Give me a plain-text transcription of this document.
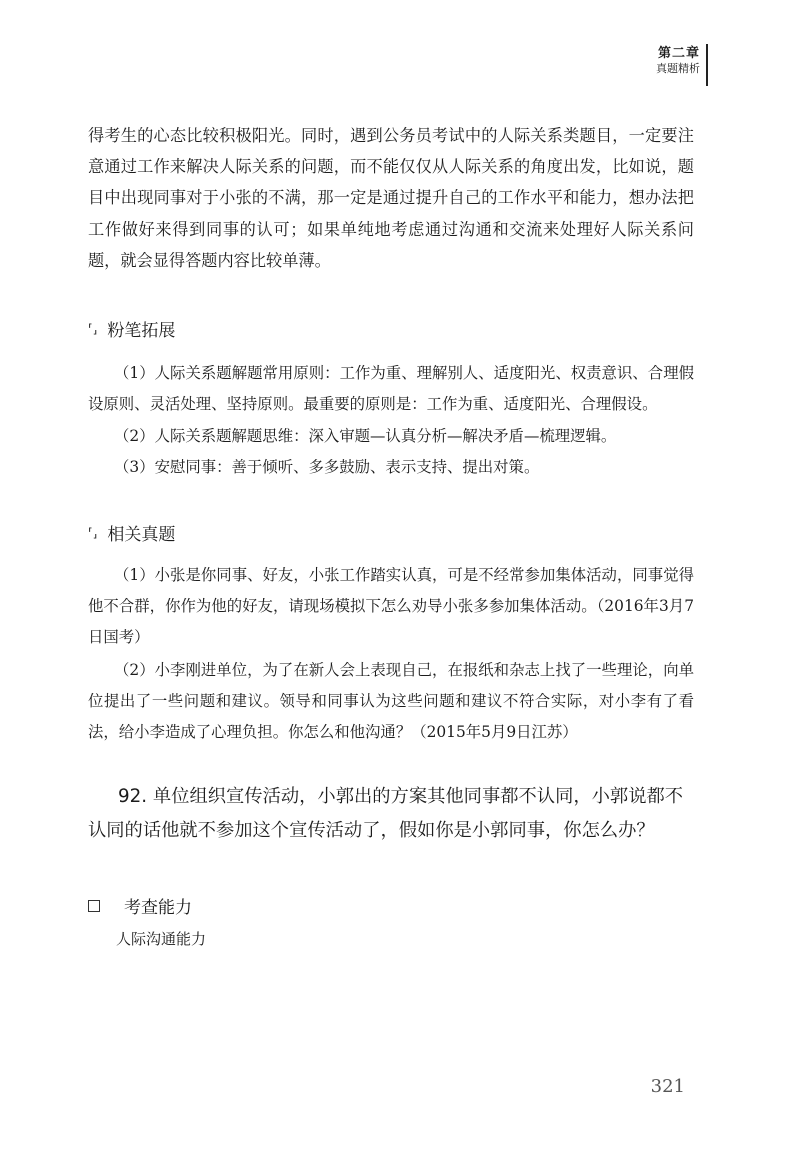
第二章
真题精析
得考生的心态比较积极阳光。同时，遇到公务员考试中的人际关系类题目，一定要注意通过工作来解决人际关系的问题，而不能仅仅从人际关系的角度出发，比如说，题目中出现同事对于小张的不满，那一定是通过提升自己的工作水平和能力，想办法把工作做好来得到同事的认可；如果单纯地考虑通过沟通和交流来处理好人际关系问题，就会显得答题内容比较单薄。
⸢⸥ 粉笔拓展
（1）人际关系题解题常用原则：工作为重、理解别人、适度阳光、权责意识、合理假设原则、灵活处理、坚持原则。最重要的原则是：工作为重、适度阳光、合理假设。
（2）人际关系题解题思维：深入审题—认真分析—解决矛盾—梳理逻辑。
（3）安慰同事：善于倾听、多多鼓励、表示支持、提出对策。
⸢⸥ 相关真题
（1）小张是你同事、好友，小张工作踏实认真，可是不经常参加集体活动，同事觉得他不合群，你作为他的好友，请现场模拟下怎么劝导小张多参加集体活动。（2016年3月7日国考）
（2）小李刚进单位，为了在新人会上表现自己，在报纸和杂志上找了一些理论，向单位提出了一些问题和建议。领导和同事认为这些问题和建议不符合实际，对小李有了看法，给小李造成了心理负担。你怎么和他沟通？（2015年5月9日江苏）
92. 单位组织宣传活动，小郭出的方案其他同事都不认同，小郭说都不认同的话他就不参加这个宣传活动了，假如你是小郭同事，你怎么办？
考查能力
人际沟通能力
321
